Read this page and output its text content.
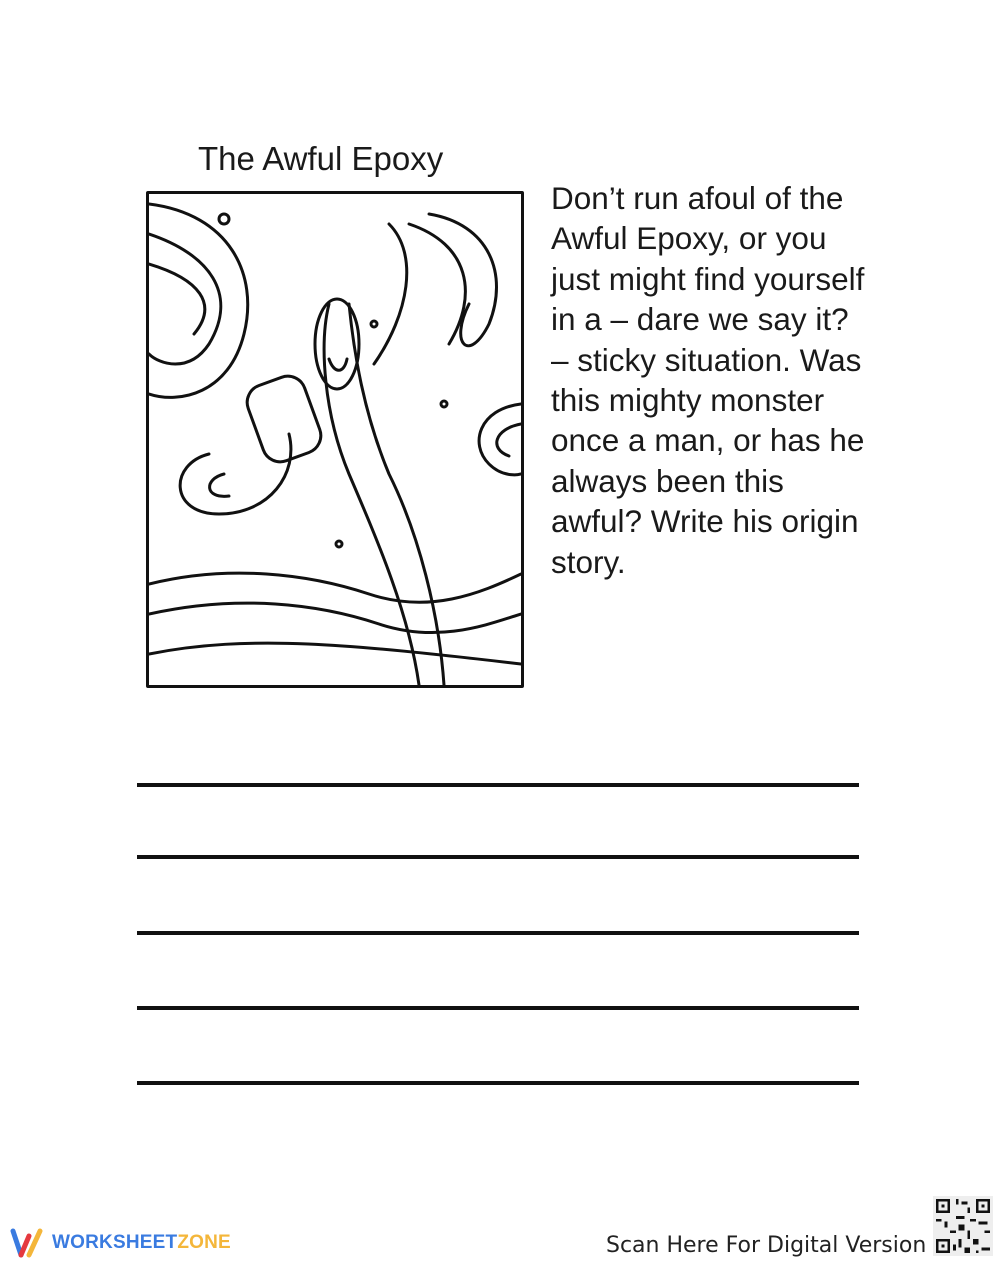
The Awful Epoxy
Don’t run afoul of the Awful Epoxy, or you just might find yourself in a – dare we say it? – sticky situation. Was this mighty monster once a man, or has he always been this awful? Write his origin story.
WORKSHEETZONE	Scan Here For Digital Version
